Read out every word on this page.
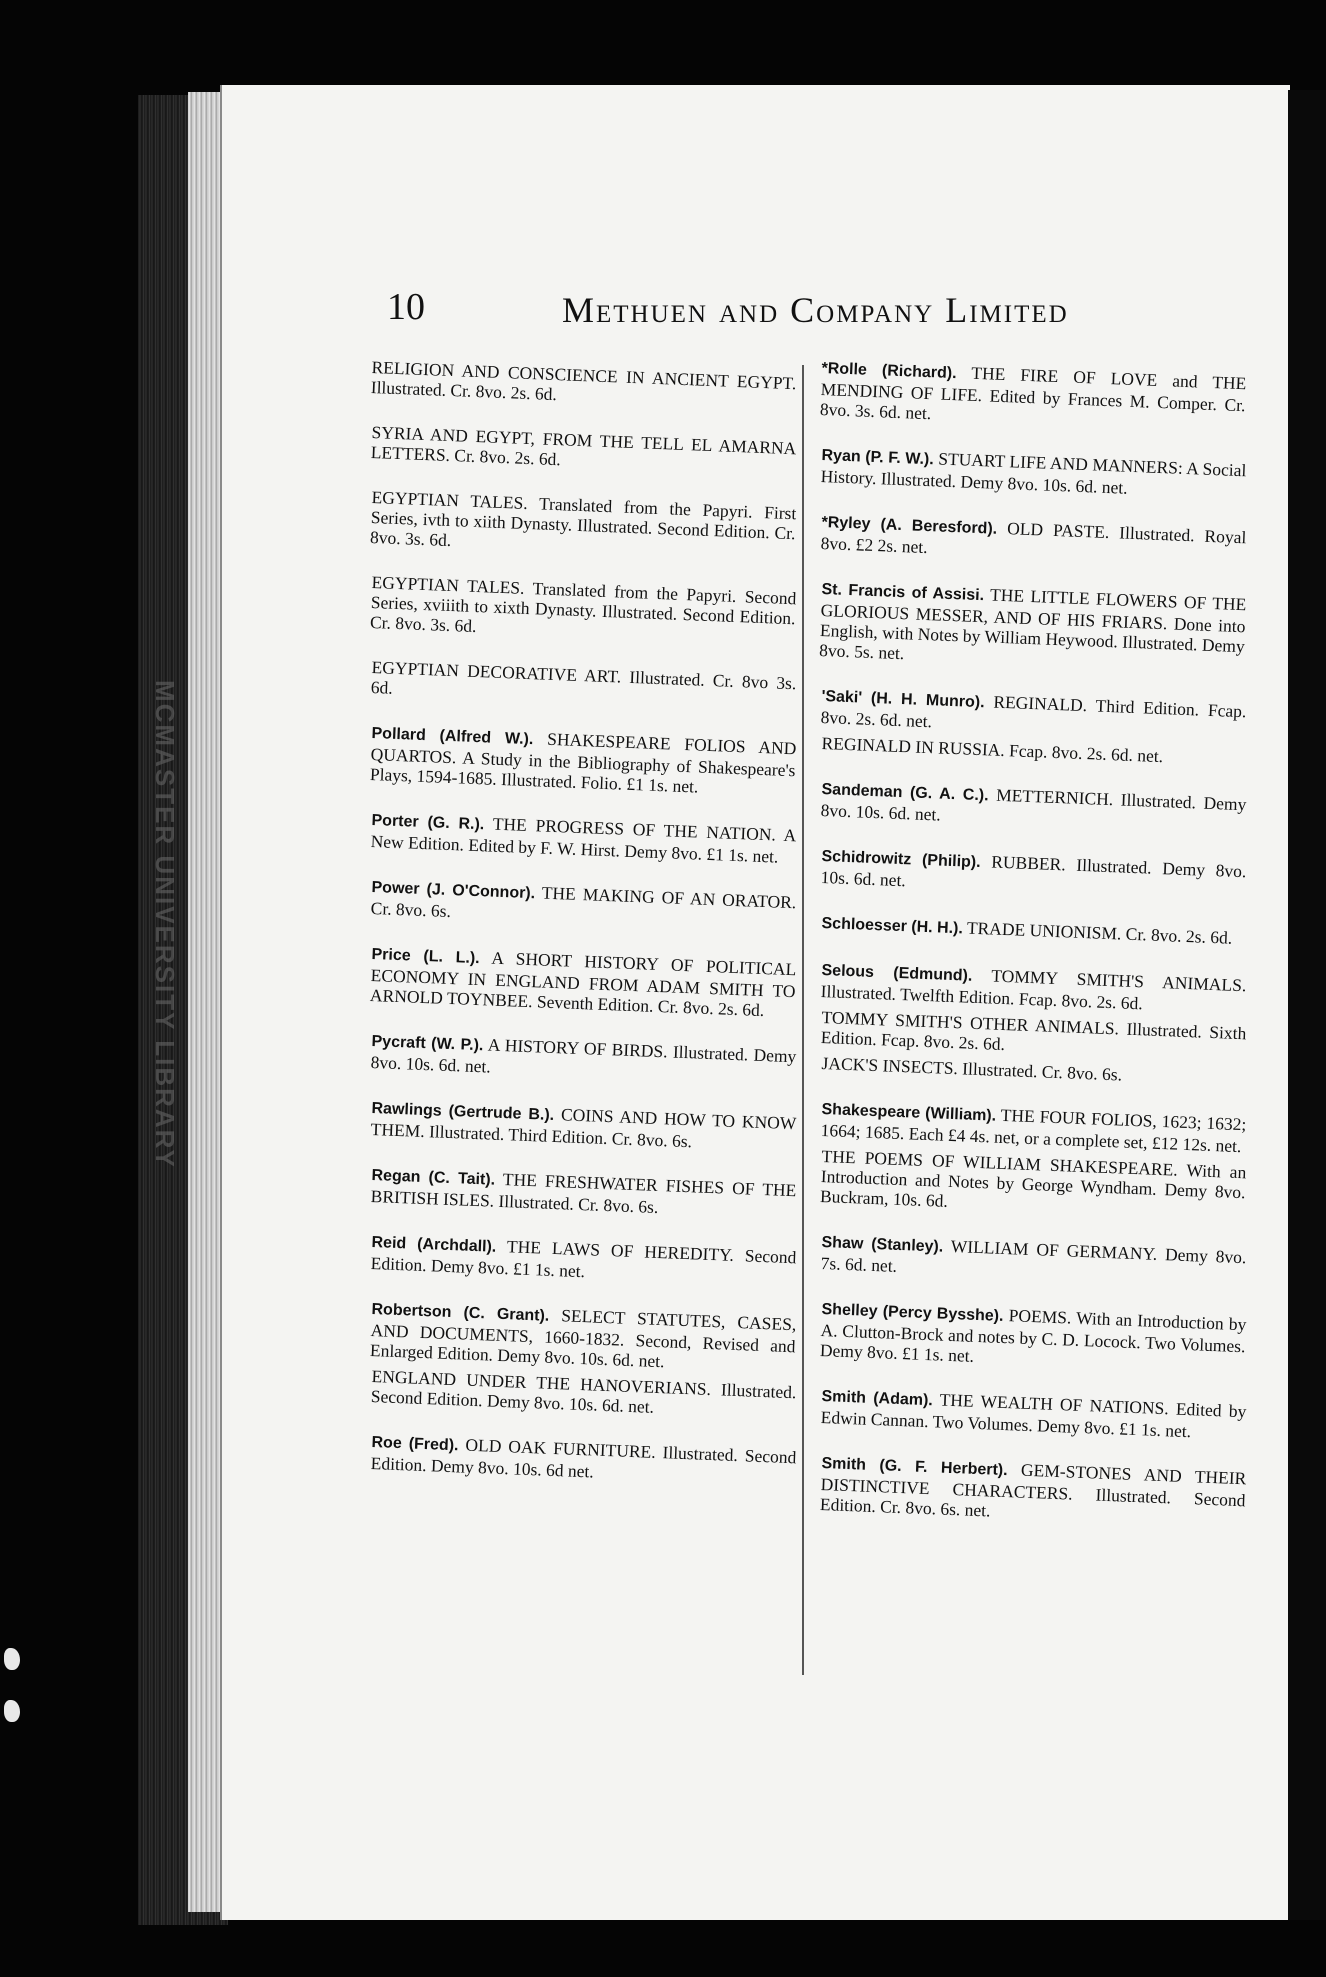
MCMASTER UNIVERSITY LIBRARY
10	Methuen and Company Limited
RELIGION AND CONSCIENCE IN ANCIENT EGYPT. Illustrated. Cr. 8vo. 2s. 6d.
SYRIA AND EGYPT, FROM THE TELL EL AMARNA LETTERS. Cr. 8vo. 2s. 6d.
EGYPTIAN TALES. Translated from the Papyri. First Series, ivth to xiith Dynasty. Illustrated. Second Edition. Cr. 8vo. 3s. 6d.
EGYPTIAN TALES. Translated from the Papyri. Second Series, xviiith to xixth Dynasty. Illustrated. Second Edition. Cr. 8vo. 3s. 6d.
EGYPTIAN DECORATIVE ART. Illustrated. Cr. 8vo 3s. 6d.
Pollard (Alfred W.). SHAKESPEARE FOLIOS AND QUARTOS. A Study in the Bibliography of Shakespeare's Plays, 1594-1685. Illustrated. Folio. £1 1s. net.
Porter (G. R.). THE PROGRESS OF THE NATION. A New Edition. Edited by F. W. Hirst. Demy 8vo. £1 1s. net.
Power (J. O'Connor). THE MAKING OF AN ORATOR. Cr. 8vo. 6s.
Price (L. L.). A SHORT HISTORY OF POLITICAL ECONOMY IN ENGLAND FROM ADAM SMITH TO ARNOLD TOYNBEE. Seventh Edition. Cr. 8vo. 2s. 6d.
Pycraft (W. P.). A HISTORY OF BIRDS. Illustrated. Demy 8vo. 10s. 6d. net.
Rawlings (Gertrude B.). COINS AND HOW TO KNOW THEM. Illustrated. Third Edition. Cr. 8vo. 6s.
Regan (C. Tait). THE FRESHWATER FISHES OF THE BRITISH ISLES. Illustrated. Cr. 8vo. 6s.
Reid (Archdall). THE LAWS OF HEREDITY. Second Edition. Demy 8vo. £1 1s. net.
Robertson (C. Grant). SELECT STATUTES, CASES, AND DOCUMENTS, 1660-1832. Second, Revised and Enlarged Edition. Demy 8vo. 10s. 6d. net.
ENGLAND UNDER THE HANOVERIANS. Illustrated. Second Edition. Demy 8vo. 10s. 6d. net.
Roe (Fred). OLD OAK FURNITURE. Illustrated. Second Edition. Demy 8vo. 10s. 6d net.
*Rolle (Richard). THE FIRE OF LOVE and THE MENDING OF LIFE. Edited by Frances M. Comper. Cr. 8vo. 3s. 6d. net.
Ryan (P. F. W.). STUART LIFE AND MANNERS: A Social History. Illustrated. Demy 8vo. 10s. 6d. net.
*Ryley (A. Beresford). OLD PASTE. Illustrated. Royal 8vo. £2 2s. net.
St. Francis of Assisi. THE LITTLE FLOWERS OF THE GLORIOUS MESSER, AND OF HIS FRIARS. Done into English, with Notes by William Heywood. Illustrated. Demy 8vo. 5s. net.
'Saki' (H. H. Munro). REGINALD. Third Edition. Fcap. 8vo. 2s. 6d. net.
REGINALD IN RUSSIA. Fcap. 8vo. 2s. 6d. net.
Sandeman (G. A. C.). METTERNICH. Illustrated. Demy 8vo. 10s. 6d. net.
Schidrowitz (Philip). RUBBER. Illustrated. Demy 8vo. 10s. 6d. net.
Schloesser (H. H.). TRADE UNIONISM. Cr. 8vo. 2s. 6d.
Selous (Edmund). TOMMY SMITH'S ANIMALS. Illustrated. Twelfth Edition. Fcap. 8vo. 2s. 6d.
TOMMY SMITH'S OTHER ANIMALS. Illustrated. Sixth Edition. Fcap. 8vo. 2s. 6d.
JACK'S INSECTS. Illustrated. Cr. 8vo. 6s.
Shakespeare (William). THE FOUR FOLIOS, 1623; 1632; 1664; 1685. Each £4 4s. net, or a complete set, £12 12s. net.
THE POEMS OF WILLIAM SHAKESPEARE. With an Introduction and Notes by George Wyndham. Demy 8vo. Buckram, 10s. 6d.
Shaw (Stanley). WILLIAM OF GERMANY. Demy 8vo. 7s. 6d. net.
Shelley (Percy Bysshe). POEMS. With an Introduction by A. Clutton-Brock and notes by C. D. Locock. Two Volumes. Demy 8vo. £1 1s. net.
Smith (Adam). THE WEALTH OF NATIONS. Edited by Edwin Cannan. Two Volumes. Demy 8vo. £1 1s. net.
Smith (G. F. Herbert). GEM-STONES AND THEIR DISTINCTIVE CHARACTERS. Illustrated. Second Edition. Cr. 8vo. 6s. net.
